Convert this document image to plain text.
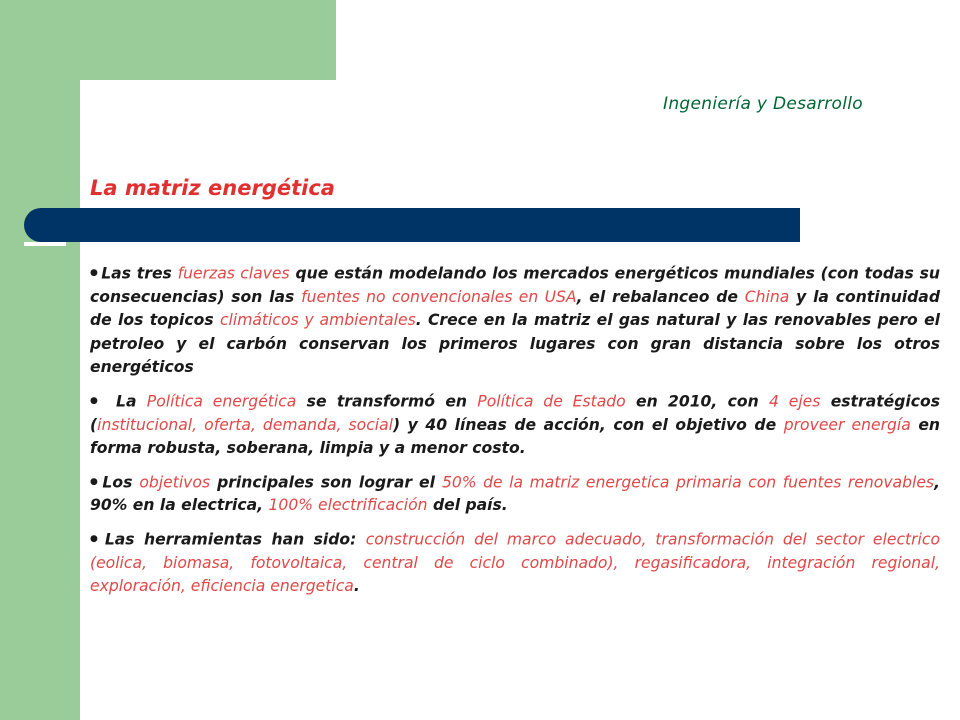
Ingeniería y Desarrollo
La matriz energética

● Las tres fuerzas claves que están modelando los mercados energéticos mundiales (con todas su consecuencias) son las fuentes no convencionales en USA, el rebalanceo de China y la continuidad de los topicos climáticos y ambientales. Crece en la matriz el gas natural y las renovables pero el petroleo y el carbón conservan los primeros lugares con gran distancia sobre los otros energéticos

● La Política energética se transformó en Política de Estado en 2010, con 4 ejes estratégicos (institucional, oferta, demanda, social) y 40 líneas de acción, con el objetivo de proveer energía en forma robusta, soberana, limpia y a menor costo.

● Los objetivos principales son lograr el 50% de la matriz energetica primaria con fuentes renovables, 90% en la electrica, 100% electrificación del país.

● Las herramientas han sido: construcción del marco adecuado, transformación del sector electrico (eolica, biomasa, fotovoltaica, central de ciclo combinado), regasificadora, integración regional, exploración, eficiencia energetica.
